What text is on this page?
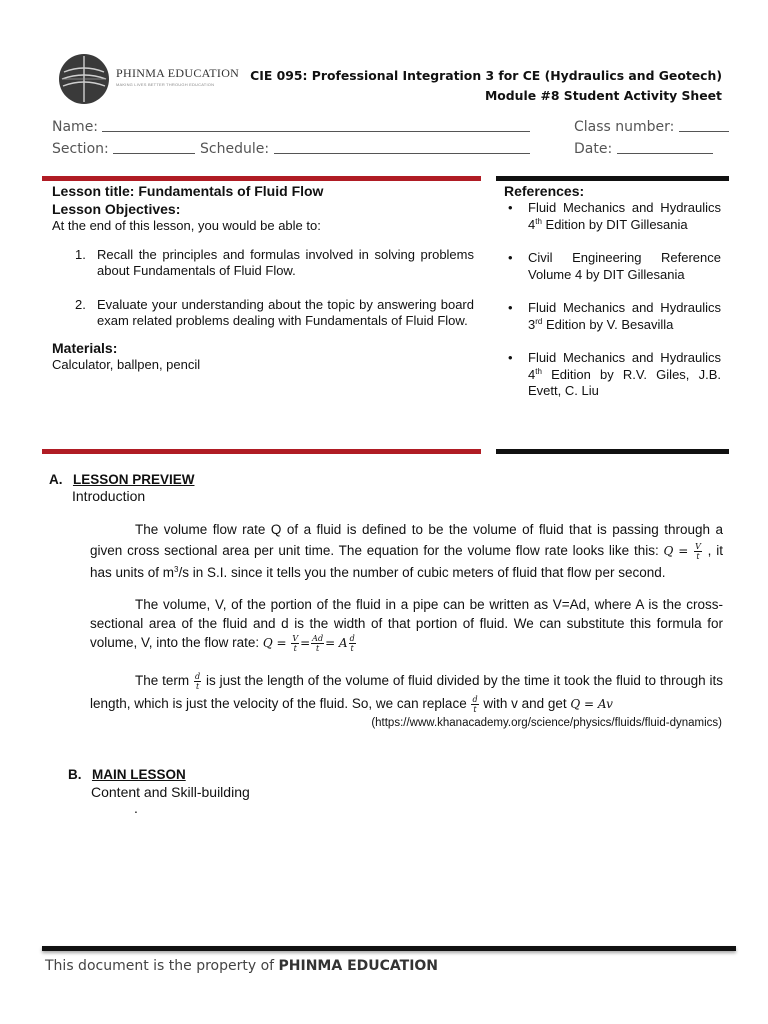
PHINMA EDUCATION
MAKING LIVES BETTER THROUGH EDUCATION
CIE 095: Professional Integration 3 for CE (Hydraulics and Geotech)
Module #8 Student Activity Sheet
Name:	Class number:
Section:	Schedule:	Date:
Lesson title: Fundamentals of Fluid Flow
Lesson Objectives:
At the end of this lesson, you would be able to:
1. Recall the principles and formulas involved in solving problems about Fundamentals of Fluid Flow.
2. Evaluate your understanding about the topic by answering board exam related problems dealing with Fundamentals of Fluid Flow.
Materials:
Calculator, ballpen, pencil
References:
• Fluid Mechanics and Hydraulics 4th Edition by DIT Gillesania
• Civil Engineering Reference Volume 4 by DIT Gillesania
• Fluid Mechanics and Hydraulics 3rd Edition by V. Besavilla
• Fluid Mechanics and Hydraulics 4th Edition by R.V. Giles, J.B. Evett, C. Liu
A. LESSON PREVIEW
Introduction
The volume flow rate Q of a fluid is defined to be the volume of fluid that is passing through a given cross sectional area per unit time. The equation for the volume flow rate looks like this: $Q = \frac{V}{t}$ , it has units of $m^3/s$ in S.I. since it tells you the number of cubic meters of fluid that flow per second.
The volume, V, of the portion of the fluid in a pipe can be written as V=Ad, where A is the cross-sectional area of the fluid and d is the width of that portion of fluid. We can substitute this formula for volume, V, into the flow rate: $Q = \frac{V}{t} = \frac{Ad}{t} = A \frac{d}{t}$
The term $\frac{d}{t}$ is just the length of the volume of fluid divided by the time it took the fluid to through its length, which is just the velocity of the fluid. So, we can replace $\frac{d}{t}$ with v and get Q = Av
(https://www.khanacademy.org/science/physics/fluids/fluid-dynamics)
B. MAIN LESSON
Content and Skill-building
.
This document is the property of PHINMA EDUCATION
